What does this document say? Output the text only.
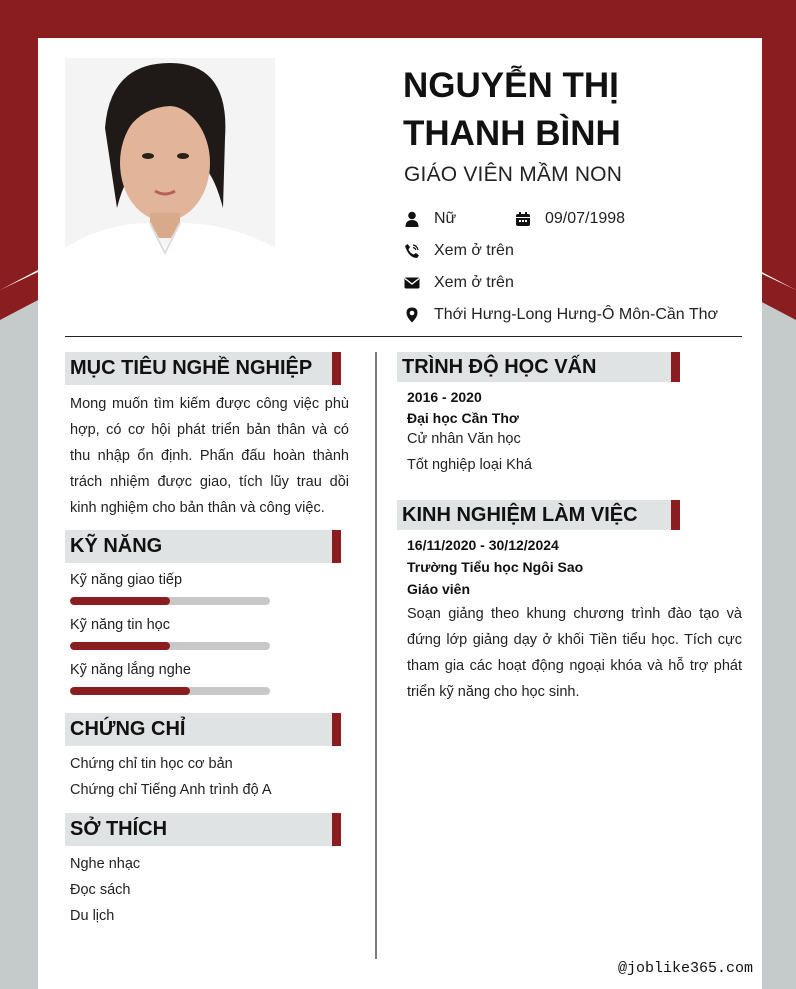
NGUYỄN THỊ
THANH BÌNH
GIÁO VIÊN MẦM NON
Nữ	09/07/1998
Xem ở trên
Xem ở trên
Thới Hưng-Long Hưng-Ô Môn-Cần Thơ
MỤC TIÊU NGHỀ NGHIỆP
Mong muốn tìm kiếm được công việc phù hợp, có cơ hội phát triển bản thân và có thu nhập ổn định. Phấn đấu hoàn thành trách nhiệm được giao, tích lũy trau dồi kinh nghiệm cho bản thân và công việc.
KỸ NĂNG
Kỹ năng giao tiếp
Kỹ năng tin học
Kỹ năng lắng nghe
CHỨNG CHỈ
Chứng chỉ tin học cơ bản
Chứng chỉ Tiếng Anh trình độ A
SỞ THÍCH
Nghe nhạc
Đọc sách
Du lịch
TRÌNH ĐỘ HỌC VẤN
2016 - 2020
Đại học Cần Thơ
Cử nhân Văn học
Tốt nghiệp loại Khá
KINH NGHIỆM LÀM VIỆC
16/11/2020 - 30/12/2024
Trường Tiểu học Ngôi Sao
Giáo viên
Soạn giảng theo khung chương trình đào tạo và đứng lớp giảng dạy ở khối Tiền tiểu học. Tích cực tham gia các hoạt động ngoại khóa và hỗ trợ phát triển kỹ năng cho học sinh.
@joblike365.com
